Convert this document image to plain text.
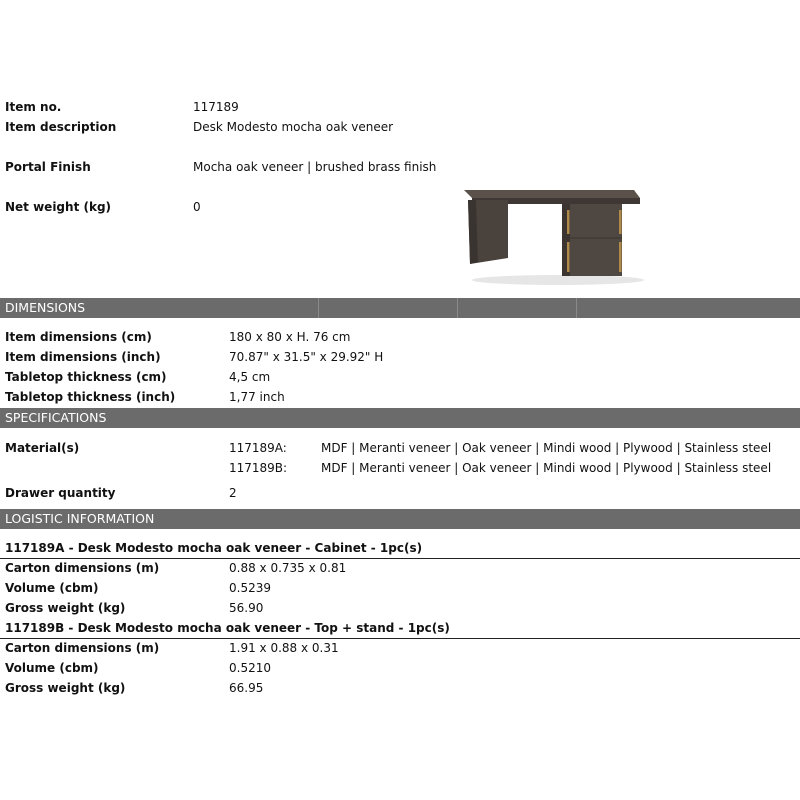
Item no.	117189
Item description	Desk Modesto mocha oak veneer
Portal Finish	Mocha oak veneer | brushed brass finish
Net weight (kg)	0
DIMENSIONS
Item dimensions (cm)	180 x 80 x H. 76 cm
Item dimensions (inch)	70.87" x 31.5" x 29.92" H
Tabletop thickness (cm)	4,5 cm
Tabletop thickness (inch)	1,77 inch
SPECIFICATIONS
Material(s)	117189A:	MDF | Meranti veneer | Oak veneer | Mindi wood | Plywood | Stainless steel
117189B:	MDF | Meranti veneer | Oak veneer | Mindi wood | Plywood | Stainless steel
Drawer quantity	2
LOGISTIC INFORMATION
117189A - Desk Modesto mocha oak veneer - Cabinet - 1pc(s)
Carton dimensions (m)	0.88 x 0.735 x 0.81
Volume (cbm)	0.5239
Gross weight (kg)	56.90
117189B - Desk Modesto mocha oak veneer - Top + stand - 1pc(s)
Carton dimensions (m)	1.91 x 0.88 x 0.31
Volume (cbm)	0.5210
Gross weight (kg)	66.95
